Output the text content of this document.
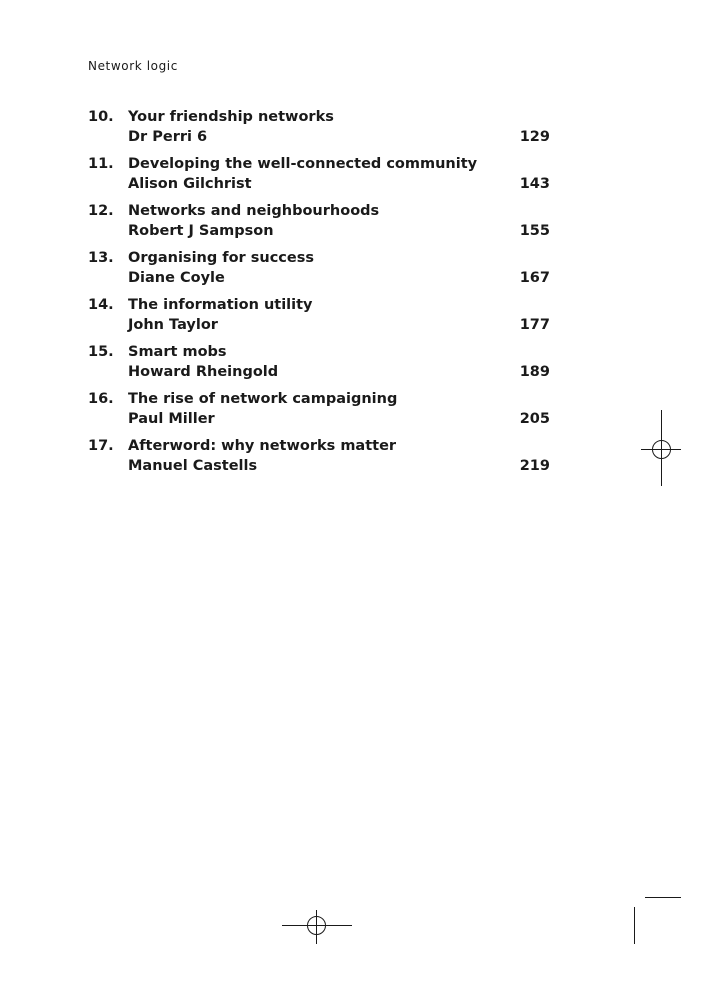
Network logic
10. Your friendship networks
Dr Perri 6	129
11. Developing the well-connected community
Alison Gilchrist	143
12. Networks and neighbourhoods
Robert J Sampson	155
13. Organising for success
Diane Coyle	167
14. The information utility
John Taylor	177
15. Smart mobs
Howard Rheingold	189
16. The rise of network campaigning
Paul Miller	205
17. Afterword: why networks matter
Manuel Castells	219
